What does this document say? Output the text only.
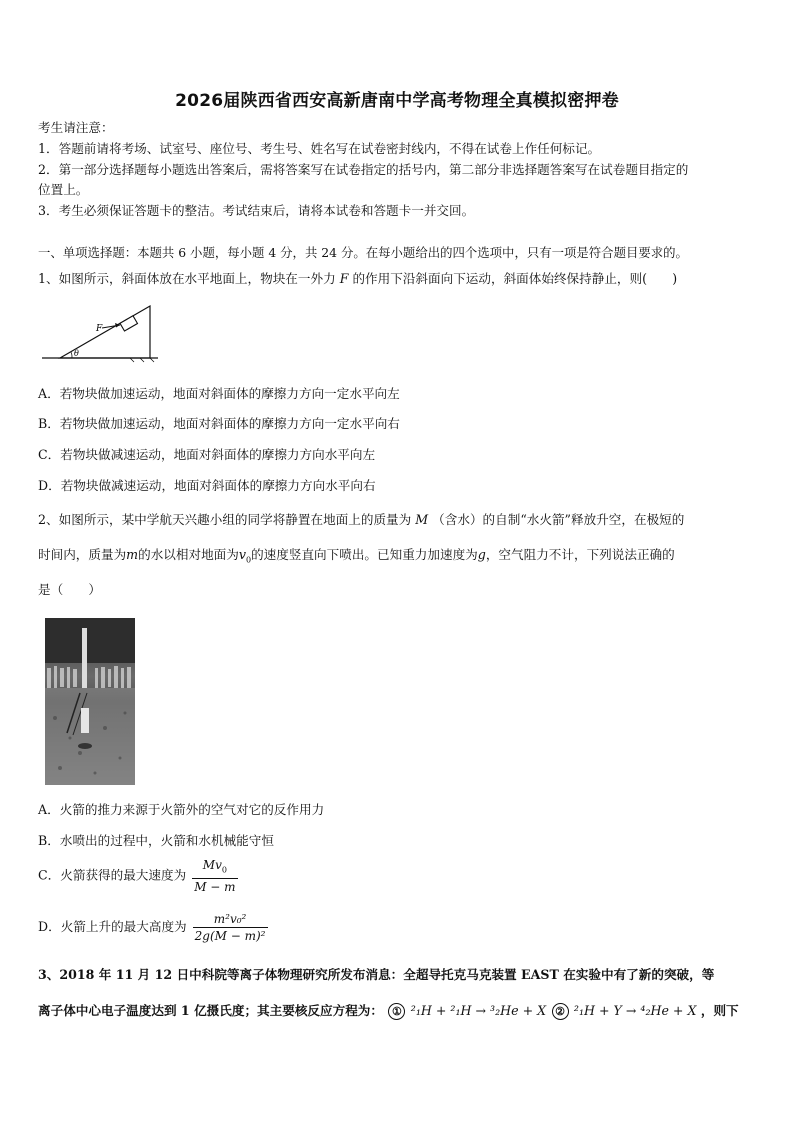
2026届陕西省西安高新唐南中学高考物理全真模拟密押卷
考生请注意：
1．答题前请将考场、试室号、座位号、考生号、姓名写在试卷密封线内，不得在试卷上作任何标记。
2．第一部分选择题每小题选出答案后，需将答案写在试卷指定的括号内，第二部分非选择题答案写在试卷题目指定的
位置上。
3．考生必须保证答题卡的整洁。考试结束后，请将本试卷和答题卡一并交回。
一、单项选择题：本题共 6 小题，每小题 4 分，共 24 分。在每小题给出的四个选项中，只有一项是符合题目要求的。
1、如图所示，斜面体放在水平地面上，物块在一外力 F 的作用下沿斜面向下运动，斜面体始终保持静止，则(　　)
F
θ
A．若物块做加速运动，地面对斜面体的摩擦力方向一定水平向左
B．若物块做加速运动，地面对斜面体的摩擦力方向一定水平向右
C．若物块做减速运动，地面对斜面体的摩擦力方向水平向左
D．若物块做减速运动，地面对斜面体的摩擦力方向水平向右
2、如图所示，某中学航天兴趣小组的同学将静置在地面上的质量为 M （含水）的自制“水火箭”释放升空，在极短的
时间内，质量为m的水以相对地面为$v_0$的速度竖直向下喷出。已知重力加速度为g，空气阻力不计，下列说法正确的
是（　　）
A．火箭的推力来源于火箭外的空气对它的反作用力
B．水喷出的过程中，火箭和水机械能守恒
C．火箭获得的最大速度为 $\frac{Mv_0}{M - m}$
D．火箭上升的最大高度为 $\frac{\text{m²v₀²}}{\text{2g(M − m)²}}$
3、2018 年 11 月 12 日中科院等离子体物理研究所发布消息：全超导托克马克装置 EAST 在实验中有了新的突破，等
离子体中心电子温度达到 1 亿摄氏度；其主要核反应方程为： ① ²₁H + ²₁H → ³₂He + X ② ²₁H + Y → ⁴₂He + X ，则下
